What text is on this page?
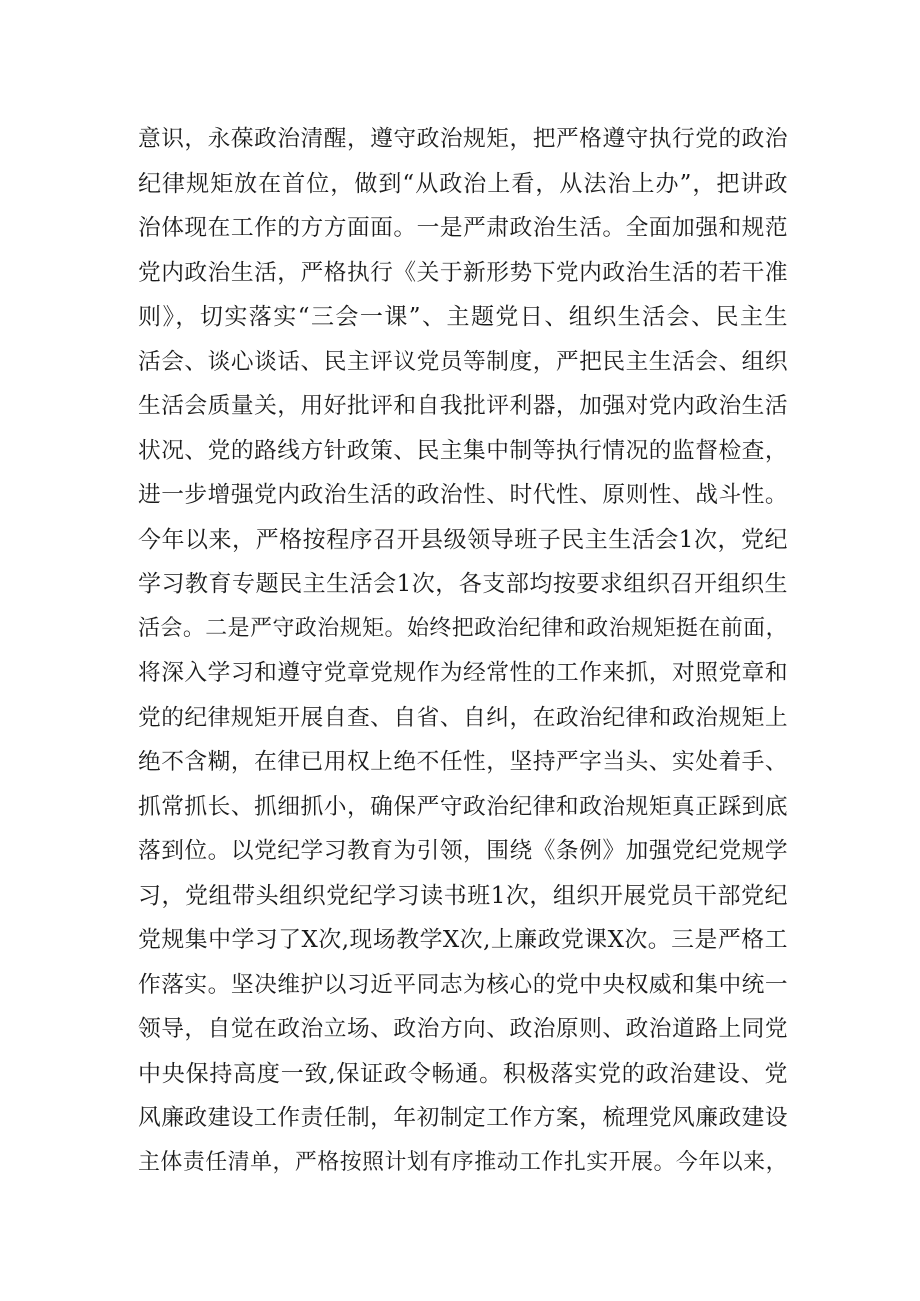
意识，永葆政治清醒，遵守政治规矩，把严格遵守执行党的政治
纪律规矩放在首位，做到“从政治上看，从法治上办”，把讲政
治体现在工作的方方面面。一是严肃政治生活。全面加强和规范
党内政治生活，严格执行《关于新形势下党内政治生活的若干准
则》，切实落实“三会一课”、主题党日、组织生活会、民主生
活会、谈心谈话、民主评议党员等制度，严把民主生活会、组织
生活会质量关，用好批评和自我批评利器，加强对党内政治生活
状况、党的路线方针政策、民主集中制等执行情况的监督检查，
进一步增强党内政治生活的政治性、时代性、原则性、战斗性。
今年以来，严格按程序召开县级领导班子民主生活会1次，党纪
学习教育专题民主生活会1次，各支部均按要求组织召开组织生
活会。二是严守政治规矩。始终把政治纪律和政治规矩挺在前面，
将深入学习和遵守党章党规作为经常性的工作来抓，对照党章和
党的纪律规矩开展自查、自省、自纠，在政治纪律和政治规矩上
绝不含糊，在律已用权上绝不任性，坚持严字当头、实处着手、
抓常抓长、抓细抓小，确保严守政治纪律和政治规矩真正踩到底
落到位。以党纪学习教育为引领，围绕《条例》加强党纪党规学
习，党组带头组织党纪学习读书班1次，组织开展党员干部党纪
党规集中学习了X次,现场教学X次,上廉政党课X次。三是严格工
作落实。坚决维护以习近平同志为核心的党中央权威和集中统一
领导，自觉在政治立场、政治方向、政治原则、政治道路上同党
中央保持高度一致,保证政令畅通。积极落实党的政治建设、党
风廉政建设工作责任制，年初制定工作方案，梳理党风廉政建设
主体责任清单，严格按照计划有序推动工作扎实开展。今年以来，
